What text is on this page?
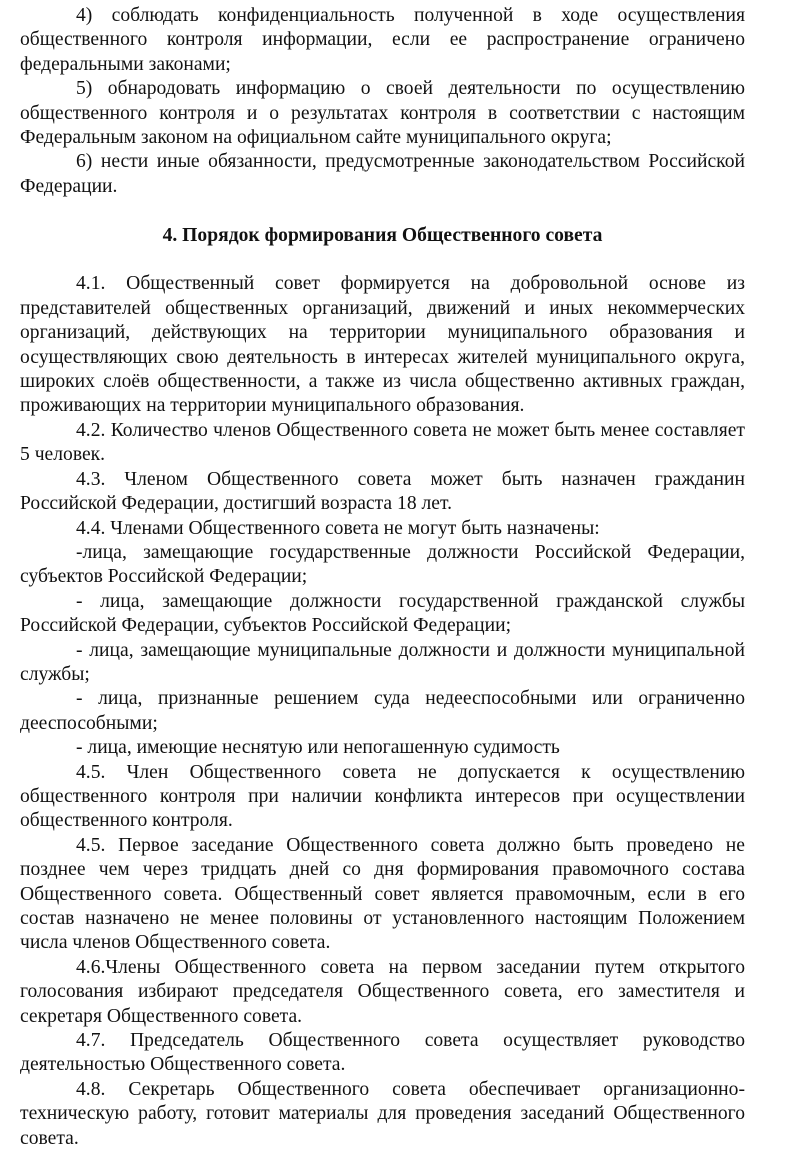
4) соблюдать конфиденциальность полученной в ходе осуществления общественного контроля информации, если ее распространение ограничено федеральными законами;

5) обнародовать информацию о своей деятельности по осуществлению общественного контроля и о результатах контроля в соответствии с настоящим Федеральным законом на официальном сайте муниципального округа;

6) нести иные обязанности, предусмотренные законодательством Российской Федерации.

4. Порядок формирования Общественного совета

4.1. Общественный совет формируется на добровольной основе из представителей общественных организаций, движений и иных некоммерческих организаций, действующих на территории муниципального образования и осуществляющих свою деятельность в интересах жителей муниципального округа, широких слоёв общественности, а также из числа общественно активных граждан, проживающих на территории муниципального образования.

4.2. Количество членов Общественного совета не может быть менее составляет 5 человек.

4.3. Членом Общественного совета может быть назначен гражданин Российской Федерации, достигший возраста 18 лет.

4.4. Членами Общественного совета не могут быть назначены:

-лица, замещающие государственные должности Российской Федерации, субъектов Российской Федерации;

- лица, замещающие должности государственной гражданской службы Российской Федерации, субъектов Российской Федерации;

- лица, замещающие муниципальные должности и должности муниципальной службы;

- лица, признанные решением суда недееспособными или ограниченно дееспособными;

- лица, имеющие неснятую или непогашенную судимость

4.5. Член Общественного совета не допускается к осуществлению общественного контроля при наличии конфликта интересов при осуществлении общественного контроля.

4.5. Первое заседание Общественного совета должно быть проведено не позднее чем через тридцать дней со дня формирования правомочного состава Общественного совета. Общественный совет является правомочным, если в его состав назначено не менее половины от установленного настоящим Положением числа членов Общественного совета.

4.6.Члены Общественного совета на первом заседании путем открытого голосования избирают председателя Общественного совета, его заместителя и секретаря Общественного совета.

4.7. Председатель Общественного совета осуществляет руководство деятельностью Общественного совета.

4.8. Секретарь Общественного совета обеспечивает организационно-техническую работу, готовит материалы для проведения заседаний Общественного совета.
